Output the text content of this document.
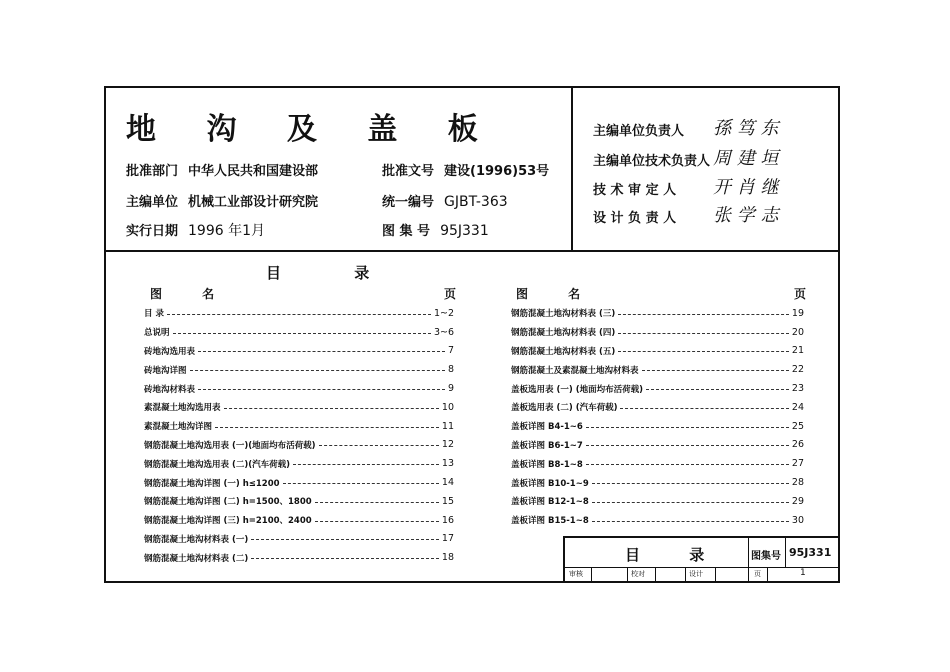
地 沟 及 盖 板
批准部门 中华人民共和国建设部	批准文号 建设(1996)53号
主编单位 机械工业部设计研究院	统一编号 GJBT-363
实行日期 1996 年1月	图 集 号 95J331
主编单位负责人 孫 笃 东
主编单位技术负责人 周 建 垣
技 术 审 定 人 开 肖 继
设 计 负 责 人 张 学 志
目 录
图 名	页	图 名	页
目 录	1~2
总说明	3~6
砖地沟选用表	7
砖地沟详图	8
砖地沟材料表	9
素混凝土地沟选用表	10
素混凝土地沟详图	11
钢筋混凝土地沟选用表 (一)(地面均布活荷载)	12
钢筋混凝土地沟选用表 (二)(汽车荷载)	13
钢筋混凝土地沟详图 (一) h≤1200	14
钢筋混凝土地沟详图 (二) h=1500、1800	15
钢筋混凝土地沟详图 (三) h=2100、2400	16
钢筋混凝土地沟材料表 (一)	17
钢筋混凝土地沟材料表 (二)	18
钢筋混凝土地沟材料表 (三)	19
钢筋混凝土地沟材料表 (四)	20
钢筋混凝土地沟材料表 (五)	21
钢筋混凝土及素混凝土地沟材料表	22
盖板选用表 (一) (地面均布活荷载)	23
盖板选用表 (二) (汽车荷载)	24
盖板详图 B4-1~6	25
盖板详图 B6-1~7	26
盖板详图 B8-1~8	27
盖板详图 B10-1~9	28
盖板详图 B12-1~8	29
盖板详图 B15-1~8	30
目 录 图集号 95J331
审核	校对	设计	页	1
